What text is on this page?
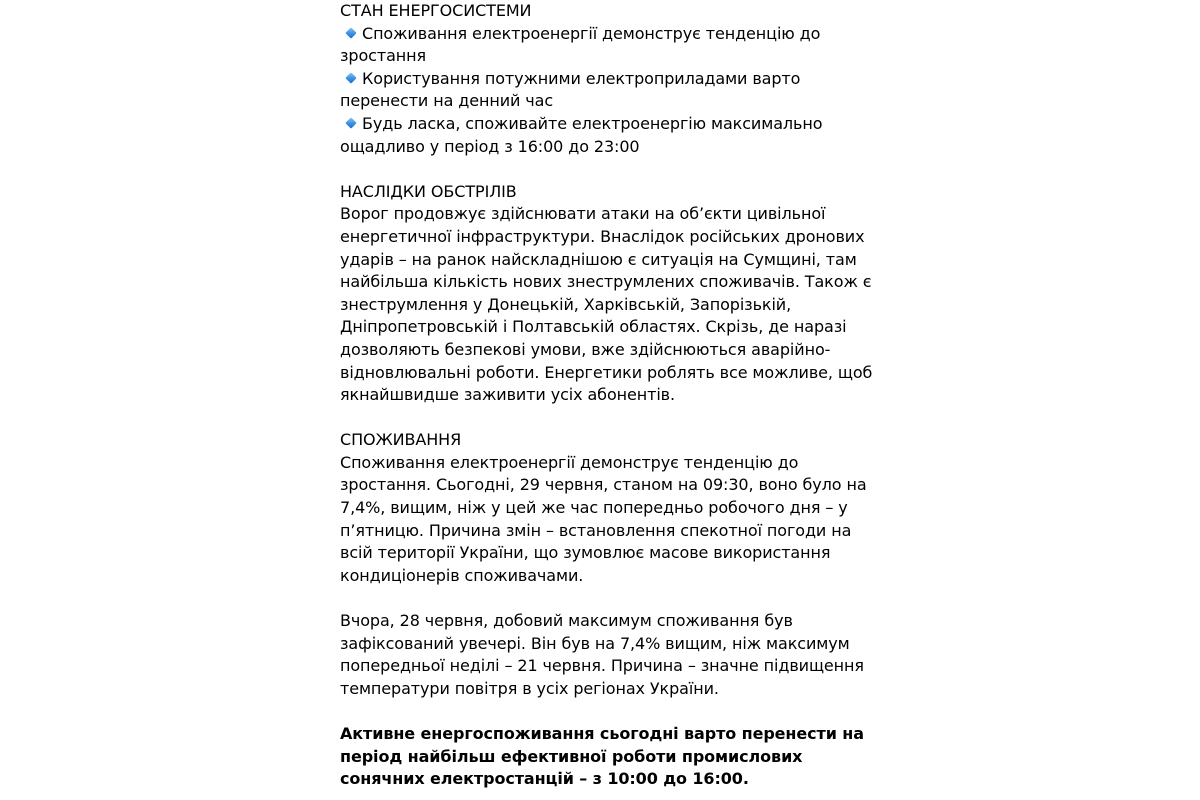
СТАН ЕНЕРГОСИСТЕМИ

Споживання електроенергії демонструє тенденцію до зростання
Користування потужними електроприладами варто перенести на денний час
Будь ласка, споживайте електроенергію максимально ощадливо у період з 16:00 до 23:00

НАСЛІДКИ ОБСТРІЛІВ

Ворог продовжує здійснювати атаки на об’єкти цивільної енергетичної інфраструктури. Внаслідок російських дронових ударів – на ранок найскладнішою є ситуація на Сумщині, там найбільша кількість нових знеструмлених споживачів. Також є знеструмлення у Донецькій, Харківській, Запорізькій, Дніпропетровській і Полтавській областях. Скрізь, де наразі дозволяють безпекові умови, вже здійснюються аварійно-відновлювальні роботи. Енергетики роблять все можливе, щоб якнайшвидше заживити усіх абонентів.

СПОЖИВАННЯ

Споживання електроенергії демонструє тенденцію до зростання. Сьогодні, 29 червня, станом на 09:30, воно було на 7,4%, вищим, ніж у цей же час попередньо робочого дня – у п’ятницю. Причина змін – встановлення спекотної погоди на всій території України, що зумовлює масове використання кондиціонерів споживачами.

Вчора, 28 червня, добовий максимум споживання був зафіксований увечері. Він був на 7,4% вищим, ніж максимум попередньої неділі – 21 червня. Причина – значне підвищення температури повітря в усіх регіонах України.

Активне енергоспоживання сьогодні варто перенести на період найбільш ефективної роботи промислових сонячних електростанцій – з 10:00 до 16:00.
